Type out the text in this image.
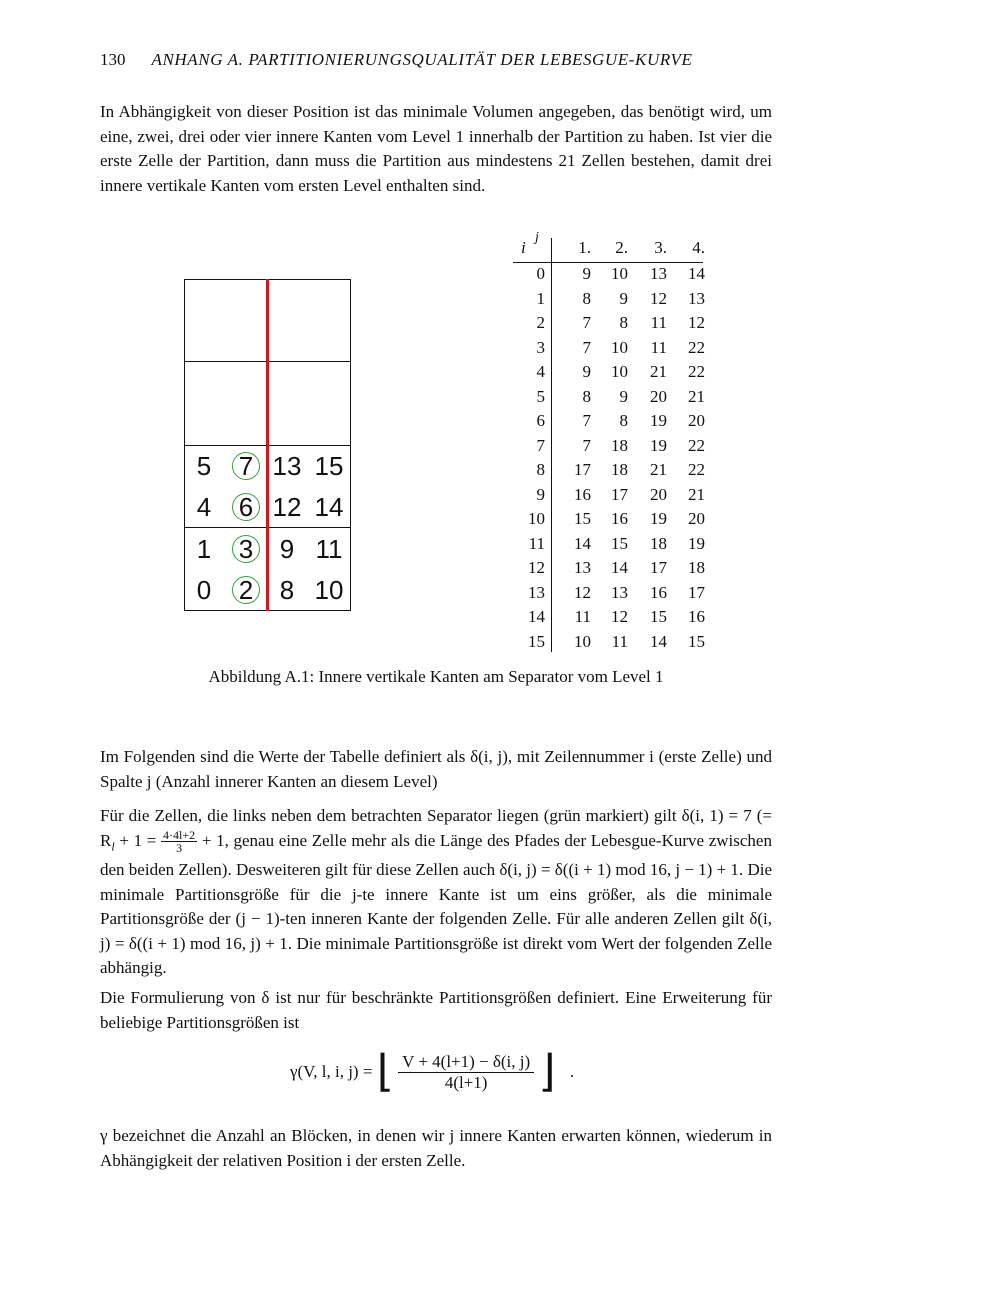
130 ANHANG A. PARTITIONIERUNGSQUALITÄT DER LEBESGUE-KURVE
In Abhängigkeit von dieser Position ist das minimale Volumen angegeben, das benötigt wird, um eine, zwei, drei oder vier innere Kanten vom Level 1 innerhalb der Partition zu haben. Ist vier die erste Zelle der Partition, dann muss die Partition aus mindestens 21 Zellen bestehen, damit drei innere vertikale Kanten vom ersten Level enthalten sind.
5	7 13 15
4	6 12 14
1	3	9 11
0	2	8 10
i
j
1.	2.	3.	4.
0	9	10	13	14
1	8	9	12	13
2	7	8	11	12
3	7	10	11	22
4	9	10	21	22
5	8	9	20	21
6	7	8	19	20
7	7	18	19	22
8	17	18	21	22
9	16	17	20	21
10	15	16	19	20
11	14	15	18	19
12	13	14	17	18
13	12	13	16	17
14	11	12	15	16
15	10	11	14	15
Abbildung A.1: Innere vertikale Kanten am Separator vom Level 1
Im Folgenden sind die Werte der Tabelle definiert als δ(i, j), mit Zeilennummer i (erste Zelle) und Spalte j (Anzahl innerer Kanten an diesem Level)
Für die Zellen, die links neben dem betrachten Separator liegen (grün markiert) gilt δ(i, 1) = 7 (= $R_l + 1 = \frac{4\cdot 4l+2}{3} + 1$, genau eine Zelle mehr als die Länge des Pfades der Lebesgue-Kurve zwischen den beiden Zellen). Desweiteren gilt für diese Zellen auch δ(i, j) = δ((i + 1) mod 16, j − 1) + 1. Die minimale Partitionsgröße für die j-te innere Kante ist um eins größer, als die minimale Partitionsgröße der (j − 1)-ten inneren Kante der folgenden Zelle. Für alle anderen Zellen gilt δ(i, j) = δ((i + 1) mod 16, j) + 1. Die minimale Partitionsgröße ist direkt vom Wert der folgenden Zelle abhängig.
Die Formulierung von δ ist nur für beschränkte Partitionsgrößen definiert. Eine Erweiterung für beliebige Partitionsgrößen ist
γ(V, l, i, j) = ⌊ $\frac{V + 4(l+1) - \delta(i, j)}{4(l+1)}$ ⌋ .
γ bezeichnet die Anzahl an Blöcken, in denen wir j innere Kanten erwarten können, wiederum in Abhängigkeit der relativen Position i der ersten Zelle.
